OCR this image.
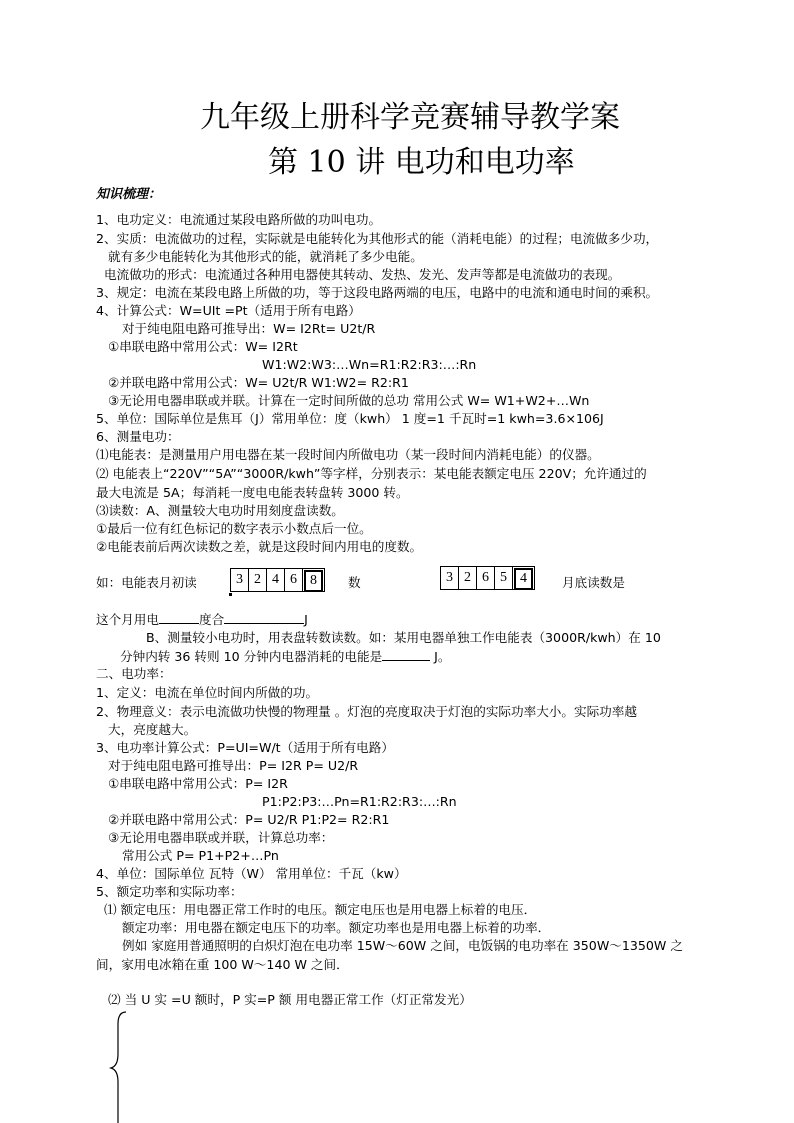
九年级上册科学竞赛辅导教学案
第 10 讲 电功和电功率
知识梳理：
1、电功定义：电流通过某段电路所做的功叫电功。
2、实质：电流做功的过程，实际就是电能转化为其他形式的能（消耗电能）的过程；电流做多少功，
就有多少电能转化为其他形式的能，就消耗了多少电能。
电流做功的形式：电流通过各种用电器使其转动、发热、发光、发声等都是电流做功的表现。
3、规定：电流在某段电路上所做的功，等于这段电路两端的电压，电路中的电流和通电时间的乘积。
4、计算公式：W=UIt =Pt（适用于所有电路）
对于纯电阻电路可推导出：W= I2Rt= U2t/R
①串联电路中常用公式：W= I2Rt
W1:W2:W3:…Wn=R1:R2:R3:…:Rn
②并联电路中常用公式：W= U2t/R W1:W2= R2:R1
③无论用电器串联或并联。计算在一定时间所做的总功 常用公式 W= W1+W2+…Wn
5、单位：国际单位是焦耳（J）常用单位：度（kwh） 1 度=1 千瓦时=1 kwh=3.6×106J
6、测量电功：
⑴电能表：是测量用户用电器在某一段时间内所做电功（某一段时间内消耗电能）的仪器。
⑵ 电能表上“220V”“5A”“3000R/kwh”等字样，分别表示：某电能表额定电压 220V；允许通过的
最大电流是 5A；每消耗一度电电能表转盘转 3000 转。
⑶读数：A、测量较大电功时用刻度盘读数。
①最后一位有红色标记的数字表示小数点后一位。
②电能表前后两次读数之差，就是这段时间内用电的度数。
如：电能表月初读	3 2 4 6 8	数	3 2 6 5 4	月底读数是
这个月用电	度合	J
B、测量较小电功时，用表盘转数读数。如：某用电器单独工作电能表（3000R/kwh）在 10
分钟内转 36 转则 10 分钟内电器消耗的电能是	J。
二、电功率：
1、定义：电流在单位时间内所做的功。
2、物理意义：表示电流做功快慢的物理量 。灯泡的亮度取决于灯泡的实际功率大小。实际功率越
大，亮度越大。
3、电功率计算公式：P=UI=W/t（适用于所有电路）
对于纯电阻电路可推导出：P= I2R P= U2/R
①串联电路中常用公式：P= I2R
P1:P2:P3:…Pn=R1:R2:R3:…:Rn
②并联电路中常用公式：P= U2/R P1:P2= R2:R1
③无论用电器串联或并联，计算总功率：
常用公式 P= P1+P2+…Pn
4、单位：国际单位 瓦特（W） 常用单位：千瓦（kw）
5、额定功率和实际功率：
⑴ 额定电压：用电器正常工作时的电压。额定电压也是用电器上标着的电压．
额定功率：用电器在额定电压下的功率。额定功率也是用电器上标着的功率．
例如 家庭用普通照明的白炽灯泡在电功率 15W～60W 之间，电饭锅的电功率在 350W～1350W 之
间，家用电冰箱在重 100 W～140 W 之间．
⑵ 当 U 实 =U 额时，P 实=P 额 用电器正常工作（灯正常发光）
